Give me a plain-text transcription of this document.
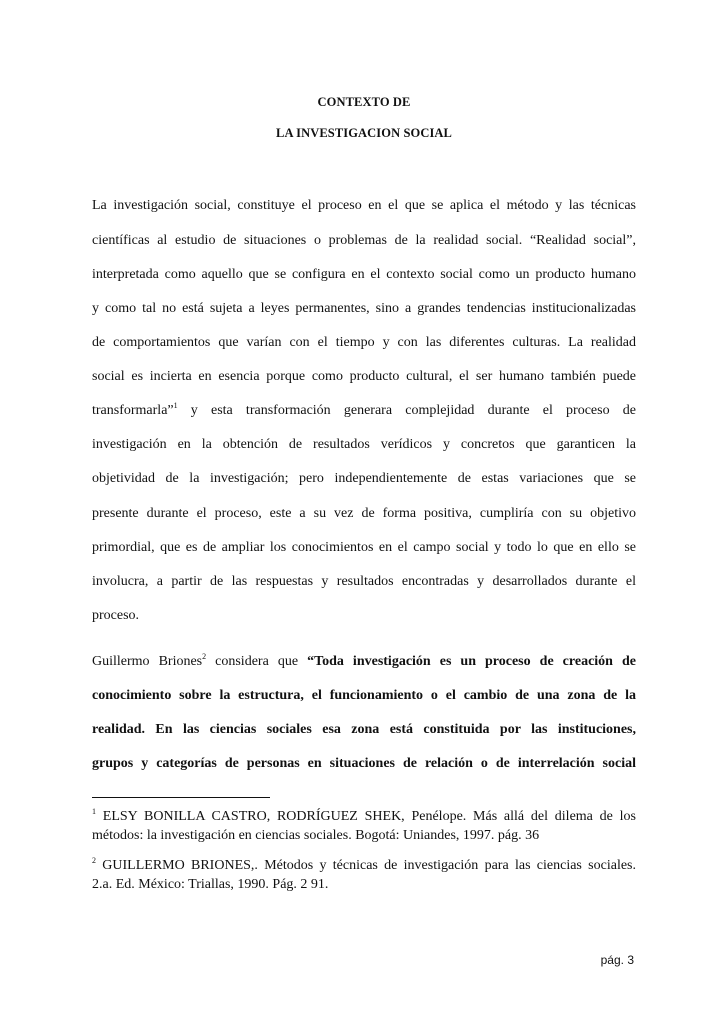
CONTEXTO DE
LA INVESTIGACION SOCIAL
La investigación social, constituye el proceso en el que se aplica el método y las técnicas
científicas al estudio de situaciones o problemas de la realidad social. “Realidad social”,
interpretada como aquello que se configura en el contexto social como un producto humano
y como tal no está sujeta a leyes permanentes, sino a grandes tendencias institucionalizadas
de comportamientos que varían con el tiempo y con las diferentes culturas. La realidad
social es incierta en esencia porque como producto cultural, el ser humano también puede
transformarla”$^1$ y esta transformación generara complejidad durante el proceso de
investigación en la obtención de resultados verídicos y concretos que garanticen la
objetividad de la investigación; pero independientemente de estas variaciones que se
presente durante el proceso, este a su vez de forma positiva, cumpliría con su objetivo
primordial, que es de ampliar los conocimientos en el campo social y todo lo que en ello se
involucra, a partir de las respuestas y resultados encontradas y desarrollados durante el
proceso.
Guillermo Briones$^2$ considera que “Toda investigación es un proceso de creación de
conocimiento sobre la estructura, el funcionamiento o el cambio de una zona de la
realidad. En las ciencias sociales esa zona está constituida por las instituciones,
grupos y categorías de personas en situaciones de relación o de interrelación social
$^1$ ELSY BONILLA CASTRO, RODRÍGUEZ SHEK, Penélope. Más allá del dilema de los
métodos: la investigación en ciencias sociales. Bogotá: Uniandes, 1997. pág. 36
$^2$ GUILLERMO BRIONES,. Métodos y técnicas de investigación para las ciencias sociales.
2.a. Ed. México: Triallas, 1990. Pág. 2 91.
pág. 3
